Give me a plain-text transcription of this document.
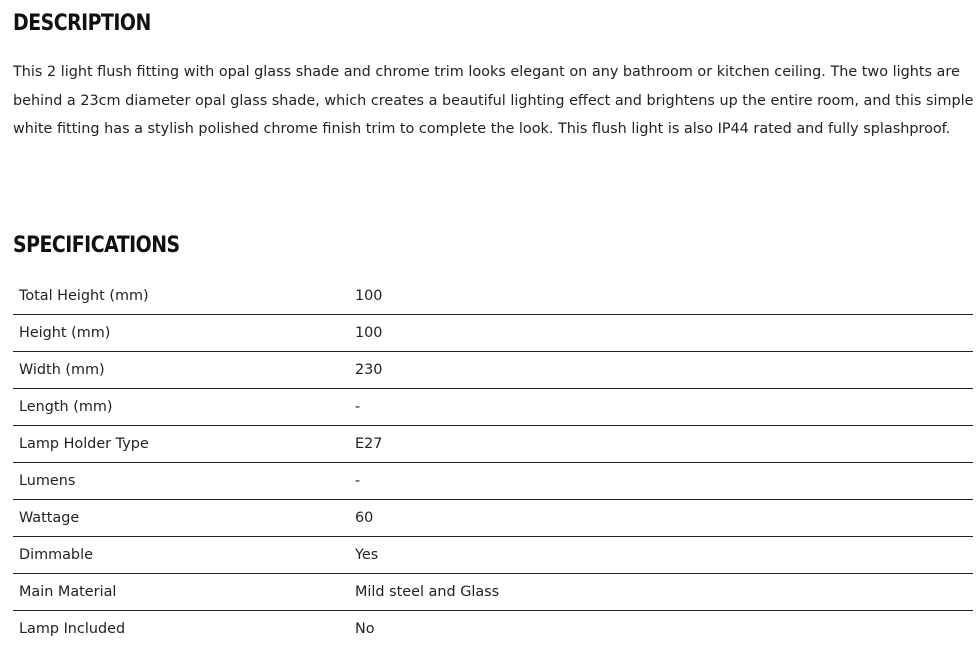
DESCRIPTION

This 2 light flush fitting with opal glass shade and chrome trim looks elegant on any bathroom or kitchen ceiling. The two lights are behind a 23cm diameter opal glass shade, which creates a beautiful lighting effect and brightens up the entire room, and this simple white fitting has a stylish polished chrome finish trim to complete the look. This flush light is also IP44 rated and fully splashproof.

SPECIFICATIONS
Total Height (mm)	100
Height (mm)	100
Width (mm)	230
Length (mm)	-
Lamp Holder Type	E27
Lumens	-
Wattage	60
Dimmable	Yes
Main Material	Mild steel and Glass
Lamp Included	No
